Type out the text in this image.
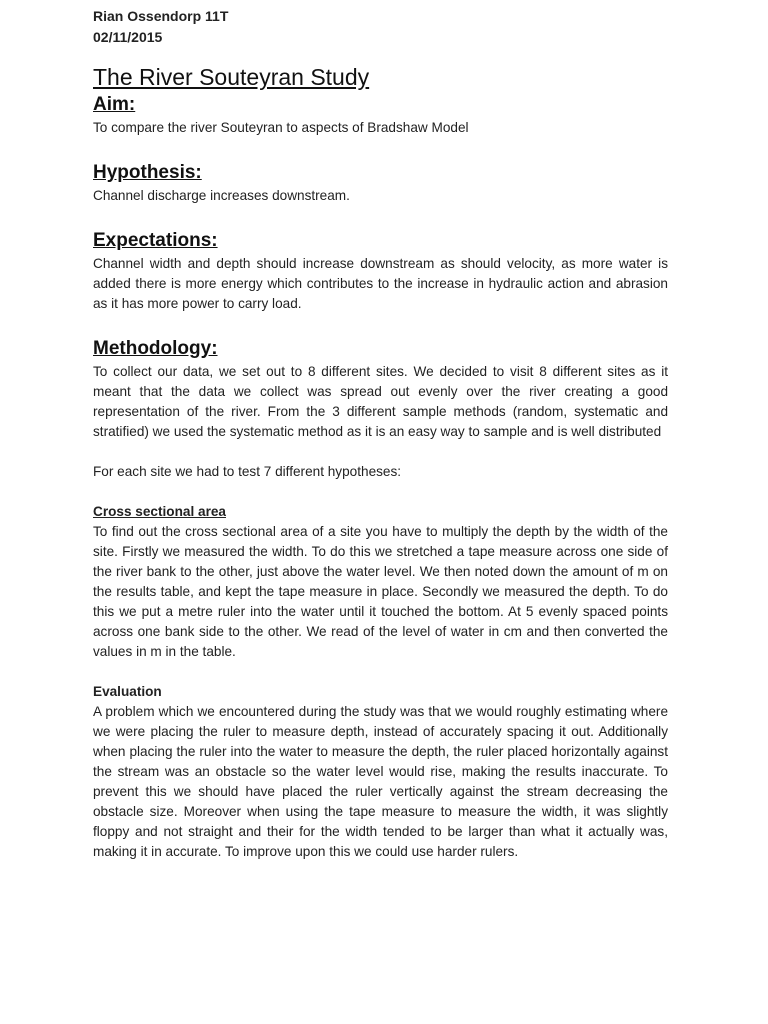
Rian Ossendorp 11T

02/11/2015

The River Souteyran Study
Aim:

To compare the river Souteyran to aspects of Bradshaw Model

Hypothesis:

Channel discharge increases downstream.

Expectations:

Channel width and depth should increase downstream as should velocity, as more water is added there is more energy which contributes to the increase in hydraulic action and abrasion as it has more power to carry load.

Methodology:

To collect our data, we set out to 8 different sites. We decided to visit 8 different sites as it meant that the data we collect was spread out evenly over the river creating a good representation of the river. From the 3 different sample methods (random, systematic and stratified) we used the systematic method as it is an easy way to sample and is well distributed

For each site we had to test 7 different hypotheses:

Cross sectional area

To find out the cross sectional area of a site you have to multiply the depth by the width of the site. Firstly we measured the width. To do this we stretched a tape measure across one side of the river bank to the other, just above the water level. We then noted down the amount of m on the results table, and kept the tape measure in place. Secondly we measured the depth. To do this we put a metre ruler into the water until it touched the bottom. At 5 evenly spaced points across one bank side to the other. We read of the level of water in cm and then converted the values in m in the table.

Evaluation

A problem which we encountered during the study was that we would roughly estimating where we were placing the ruler to measure depth, instead of accurately spacing it out. Additionally when placing the ruler into the water to measure the depth, the ruler placed horizontally against the stream was an obstacle so the water level would rise, making the results inaccurate. To prevent this we should have placed the ruler vertically against the stream decreasing the obstacle size. Moreover when using the tape measure to measure the width, it was slightly floppy and not straight and their for the width tended to be larger than what it actually was, making it in accurate. To improve upon this we could use harder rulers.
